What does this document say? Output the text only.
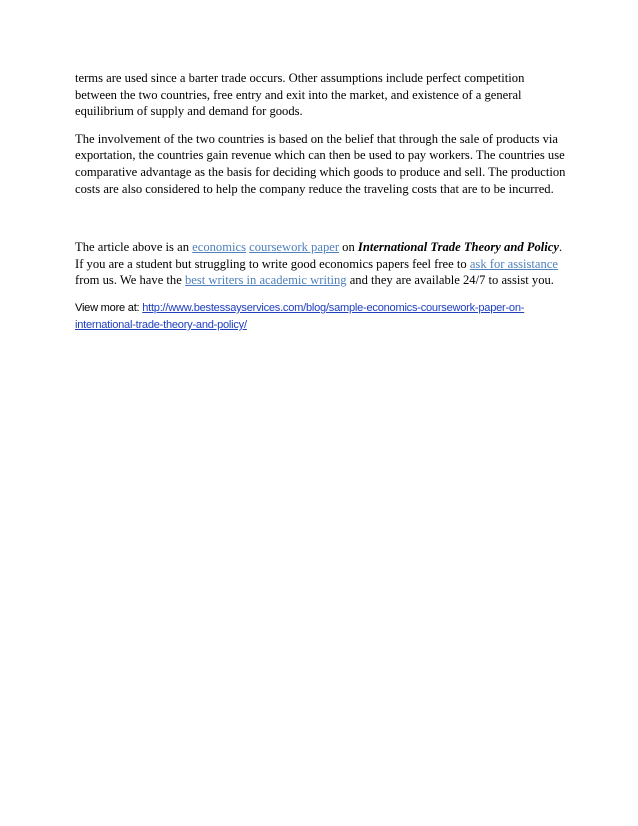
terms are used since a barter trade occurs. Other assumptions include perfect competition
between the two countries, free entry and exit into the market, and existence of a general
equilibrium of supply and demand for goods.

The involvement of the two countries is based on the belief that through the sale of products via
exportation, the countries gain revenue which can then be used to pay workers. The countries use
comparative advantage as the basis for deciding which goods to produce and sell. The production
costs are also considered to help the company reduce the traveling costs that are to be incurred.

The article above is an economics coursework paper on International Trade Theory and Policy.
If you are a student but struggling to write good economics papers feel free to ask for assistance
from us. We have the best writers in academic writing and they are available 24/7 to assist you.

View more at: http://www.bestessayservices.com/blog/sample-economics-coursework-paper-on-
international-trade-theory-and-policy/
